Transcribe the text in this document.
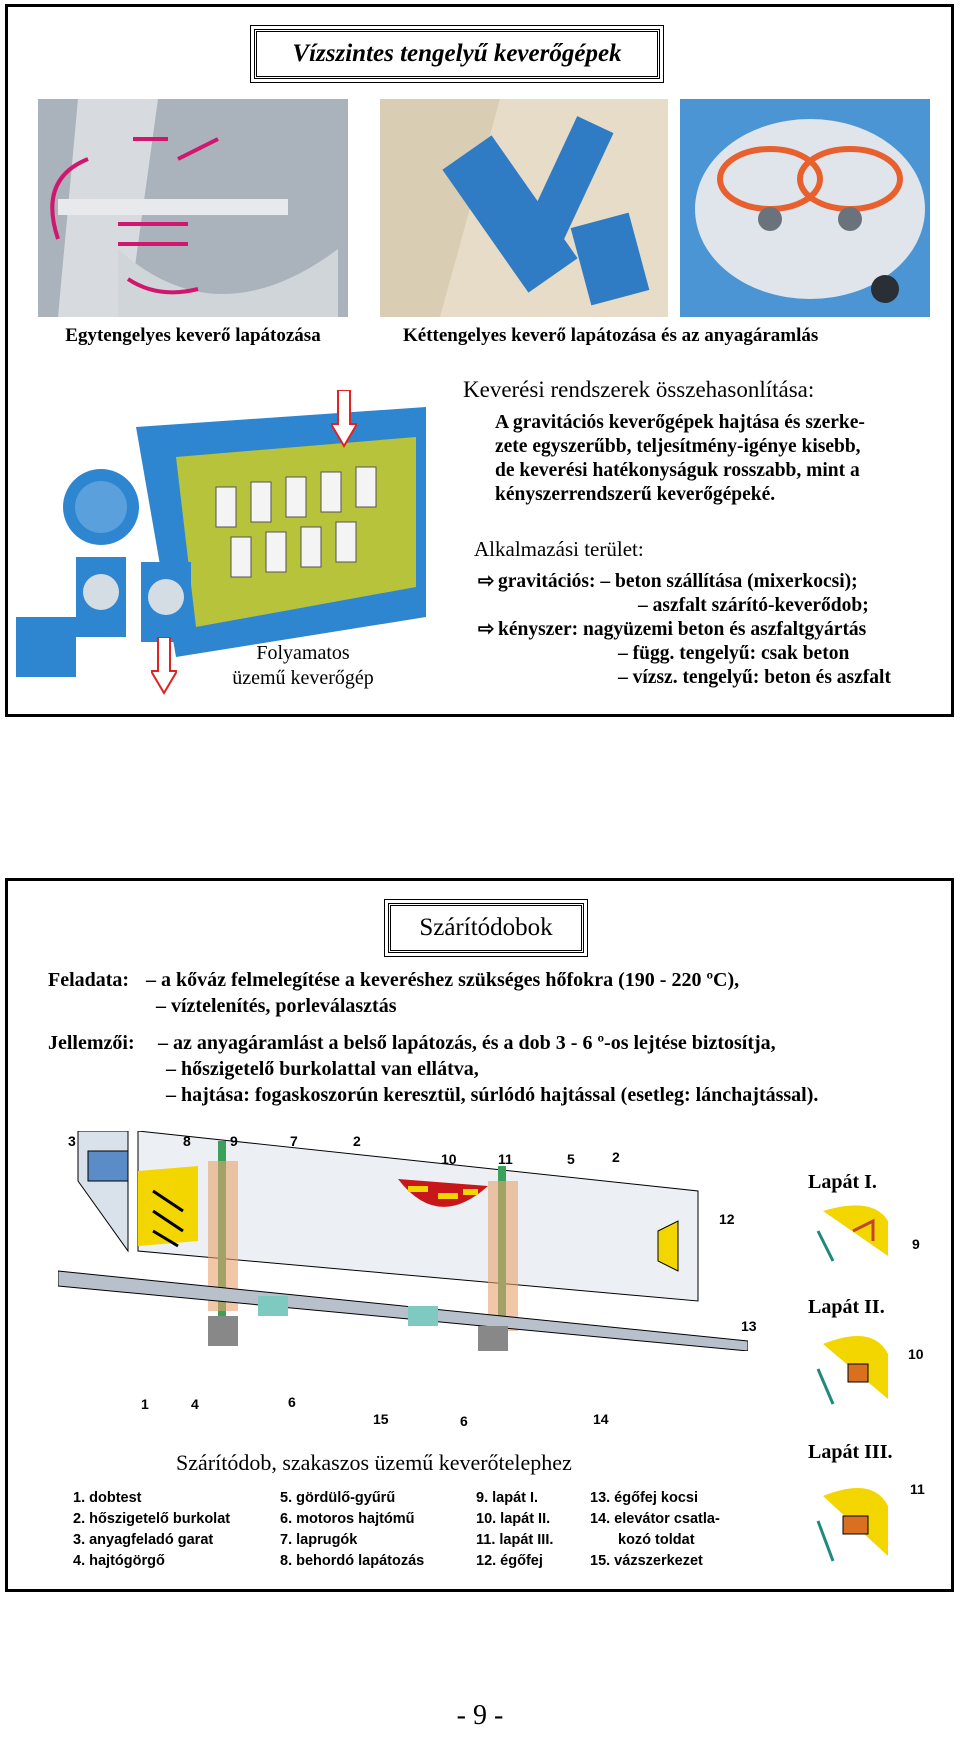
Vízszintes tengelyű keverőgépek
Egytengelyes keverő lapátozása	Kéttengelyes keverő lapátozása és az anyagáramlás
Folyamatos
üzemű keverőgép
Keverési rendszerek összehasonlítása:
A gravitációs keverőgépek hajtása és szerke-
zete egyszerűbb, teljesítmény-igénye kisebb,
de keverési hatékonyságuk rosszabb, mint a
kényszerrendszerű keverőgépeké.
Alkalmazási terület:
⇨ gravitációs: – beton szállítása (mixerkocsi);
– aszfalt szárító-keverődob;
⇨ kényszer: nagyüzemi beton és aszfaltgyártás
– függ. tengelyű: csak beton
– vízsz. tengelyű: beton és aszfalt
Szárítódobok
Feladata: – a kőváz felmelegítése a keveréshez szükséges hőfokra (190 - 220 ºC),
– víztelenítés, porleválasztás
Jellemzői: – az anyagáramlást a belső lapátozás, és a dob 3 - 6 º-os lejtése biztosítja,
– hőszigetelő burkolattal van ellátva,
– hajtása: fogaskoszorún keresztül, súrlódó hajtással (esetleg: lánchajtással).
3	8	9	7	2
10	11	5	2
12
13
1	4	6
15	6	14
Lapát I.
Lapát II.
Lapát III.
9
10
11
Szárítódob, szakaszos üzemű keverőtelephez
1. dobtest
2. hőszigetelő burkolat
3. anyagfeladó garat
4. hajtógörgő
5. gördülő-gyűrű
6. motoros hajtómű
7. laprugók
8. behordó lapátozás
9. lapát I.
10. lapát II.
11. lapát III.
12. égőfej
13. égőfej kocsi
14. elevátor csatla-
kozó toldat
15. vázszerkezet
- 9 -
